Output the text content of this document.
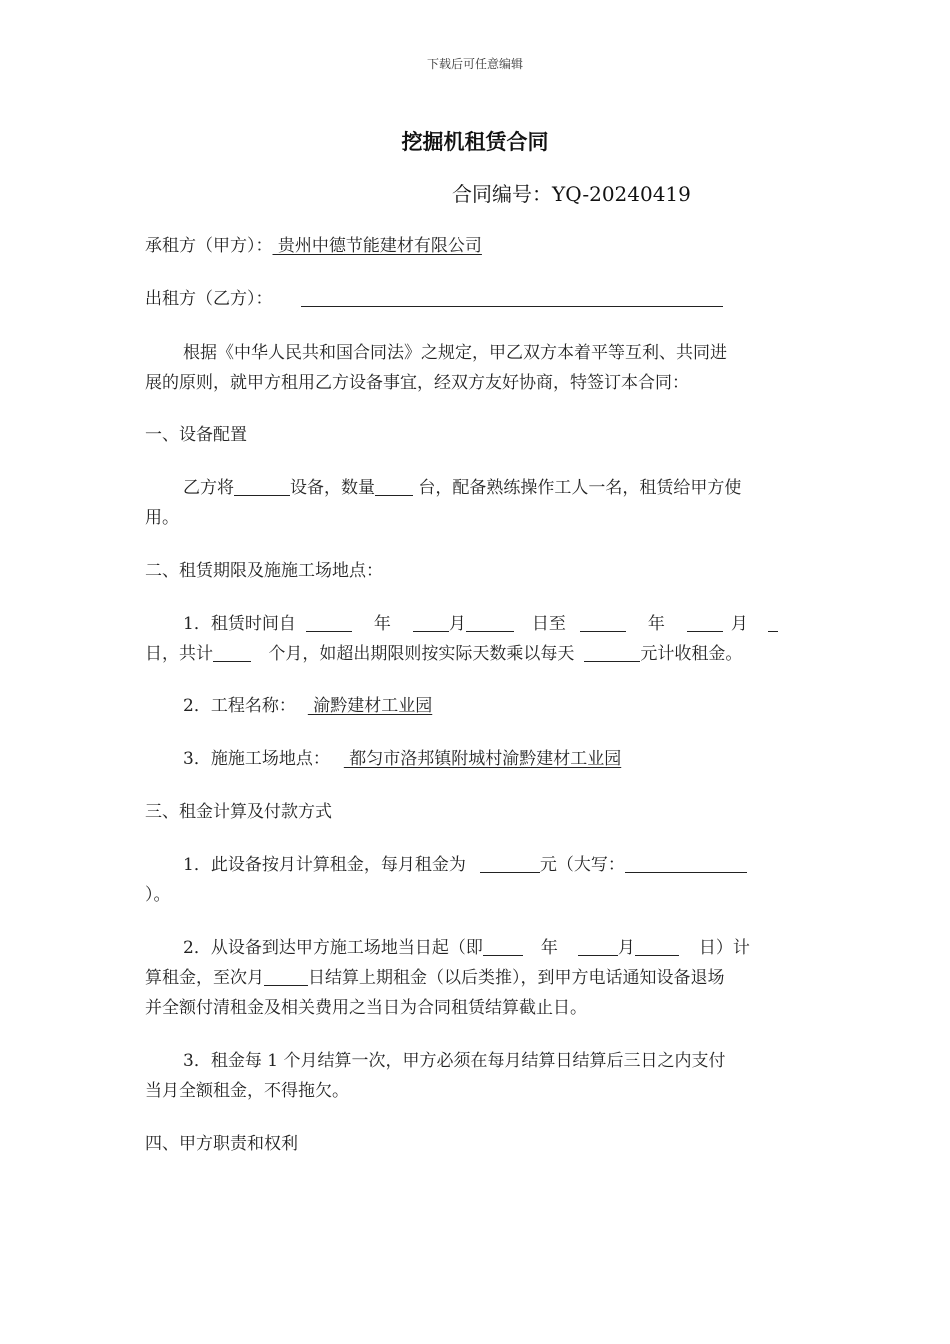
下载后可任意编辑
挖掘机租赁合同
合同编号：YQ-20240419
承租方（甲方）： 贵州中德节能建材有限公司
出租方（乙方）：
根据《中华人民共和国合同法》之规定，甲乙双方本着平等互利、共同进
展的原则，就甲方租用乙方设备事宜，经双方友好协商，特签订本合同：
一、设备配置
乙方将	设备，数量 台，配备熟练操作工人一名，租赁给甲方使
用。
二、租赁期限及施施工场地点：
1．租赁时间自	年	月	日至	年	月
日，共计	个月，如超出期限则按实际天数乘以每天	元计收租金。
2．工程名称： 渝黔建材工业园
3．施施工场地点： 都匀市洛邦镇附城村渝黔建材工业园
三、租金计算及付款方式
1．此设备按月计算租金，每月租金为	元（大写：
）。
2．从设备到达甲方施工场地当日起（即	年	月	日）计
算租金，至次月	日结算上期租金（以后类推），到甲方电话通知设备退场
并全额付清租金及相关费用之当日为合同租赁结算截止日。
3．租金每 1 个月结算一次，甲方必须在每月结算日结算后三日之内支付
当月全额租金，不得拖欠。
四、甲方职责和权利
